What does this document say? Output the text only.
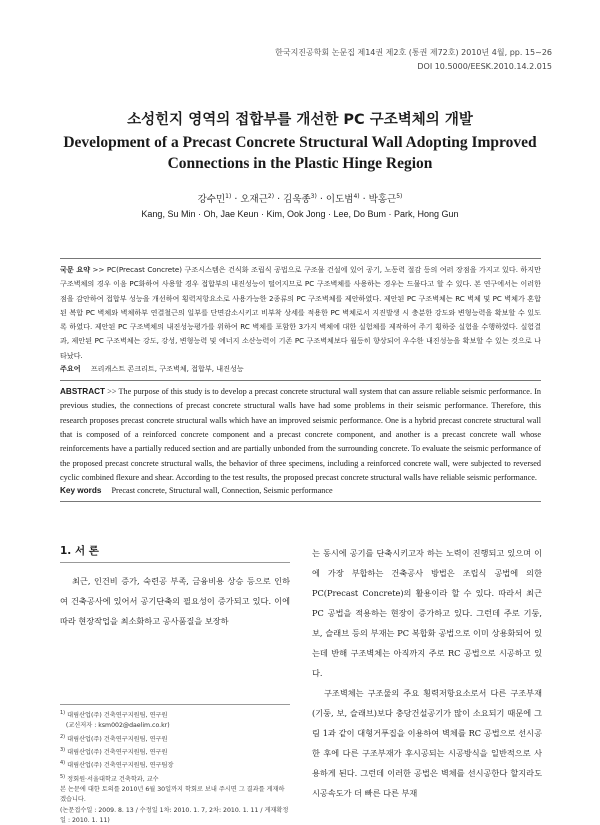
한국지진공학회 논문집 제14권 제2호 (통권 제72호) 2010년 4월, pp. 15~26
DOI 10.5000/EESK.2010.14.2.015
소성힌지 영역의 접합부를 개선한 PC 구조벽체의 개발
Development of a Precast Concrete Structural Wall Adopting Improved
Connections in the Plastic Hinge Region
강수민$^{1)}$ · 오재근$^{2)}$ · 김욱종$^{3)}$ · 이도범$^{4)}$ · 박홍근$^{5)}$
Kang, Su Min · Oh, Jae Keun · Kim, Ook Jong · Lee, Do Bum · Park, Hong Gun
국문 요약 >> PC(Precast Concrete) 구조시스템은 건식화 조립식 공법으로 구조물 건설에 있어 공기, 노동력 절감 등의 여러 장점을 가지고 있다. 하지만 구조벽체의 경우 이음 PC화하여 사용할 경우 접합부의 내진성능이 떨어지므로 PC 구조벽체를 사용하는 경우는 드물다고 할 수 있다. 본 연구에서는 이러한 점을 감안하여 접합부 성능을 개선하여 횡력저항요소로 사용가능한 2종류의 PC 구조벽체를 제안하였다. 제안된 PC 구조벽체는 RC 벽체 및 PC 벽체가 혼합된 복합 PC 벽체와 벽체하부 연결철근의 일부를 단면감소시키고 비부착 상세를 적용한 PC 벽체로서 지진발생 시 충분한 강도와 변형능력을 확보할 수 있도록 하였다. 제안된 PC 구조벽체의 내진성능평가를 위하여 RC 벽체를 포함한 3가지 벽체에 대한 실험체를 제작하여 주기 횡하중 실험을 수행하였다. 실험결과, 제안된 PC 구조벽체는 강도, 강성, 변형능력 및 에너지 소산능력이 기존 PC 구조벽체보다 월등히 향상되어 우수한 내진성능을 확보할 수 있는 것으로 나타났다.
주요어 프리캐스트 콘크리트, 구조벽체, 접합부, 내진성능
ABSTRACT >> The purpose of this study is to develop a precast concrete structural wall system that can assure reliable seismic performance. In previous studies, the connections of precast concrete structural walls have had some problems in their seismic performance. Therefore, this research proposes precast concrete structural walls which have an improved seismic performance. One is a hybrid precast concrete structural wall that is composed of a reinforced concrete component and a precast concrete component, and another is a precast concrete wall whose reinforcements have a partially reduced section and are partially unbonded from the surrounding concrete. To evaluate the seismic performance of the proposed precast concrete structural walls, the behavior of three specimens, including a reinforced concrete wall, were subjected to reversed cyclic combined flexure and shear. According to the test results, the proposed precast concrete structural walls have reliable seismic performance.
Key words Precast concrete, Structural wall, Connection, Seismic performance
1. 서 론

최근, 인건비 증가, 숙련공 부족, 금융비용 상승 등으로 인하여 건축공사에 있어서 공기단축의 필요성이 증가되고 있다. 이에 따라 현장작업을 최소화하고 공사품질을 보장하

는 동시에 공기를 단축시키고자 하는 노력이 진행되고 있으며 이에 가장 부합하는 건축공사 방법은 조립식 공법에 의한 PC(Precast Concrete)의 활용이라 할 수 있다. 따라서 최근 PC 공법을 적용하는 현장이 증가하고 있다. 그런데 주로 기둥, 보, 슬래브 등의 부재는 PC 복합화 공법으로 이미 상용화되어 있는데 반해 구조벽체는 아직까지 주로 RC 공법으로 시공하고 있다.

구조벽체는 구조물의 주요 횡력저항요소로서 다른 구조부재(기둥, 보, 슬래브)보다 충당건설공기가 많이 소요되기 때문에 그림 1과 같이 대형거푸집을 이용하여 벽체를 RC 공법으로 선시공한 후에 다른 구조부재가 후시공되는 시공방식을 일반적으로 사용하게 된다. 그런데 이러한 공법은 벽체를 선시공한다 할지라도 시공속도가 더 빠른 다른 부재

$^{1)}$ 대림산업(주) 건축연구지원팀, 연구원
(교신저자 : ksm002@daelim.co.kr)
$^{2)}$ 대림산업(주) 건축연구지원팀, 연구원
$^{3)}$ 대림산업(주) 건축연구지원팀, 연구원
$^{4)}$ 대림산업(주) 건축연구지원팀, 연구팀장
$^{5)}$ 정회원·서울대학교 건축학과, 교수
본 논문에 대한 토의를 2010년 6월 30일까지 학회로 보내 주시면 그 결과를 게재하겠습니다.
(논문접수일 : 2009. 8. 13 / 수정일 1차: 2010. 1. 7, 2차: 2010. 1. 11 / 게재확정일 : 2010. 1. 11)
